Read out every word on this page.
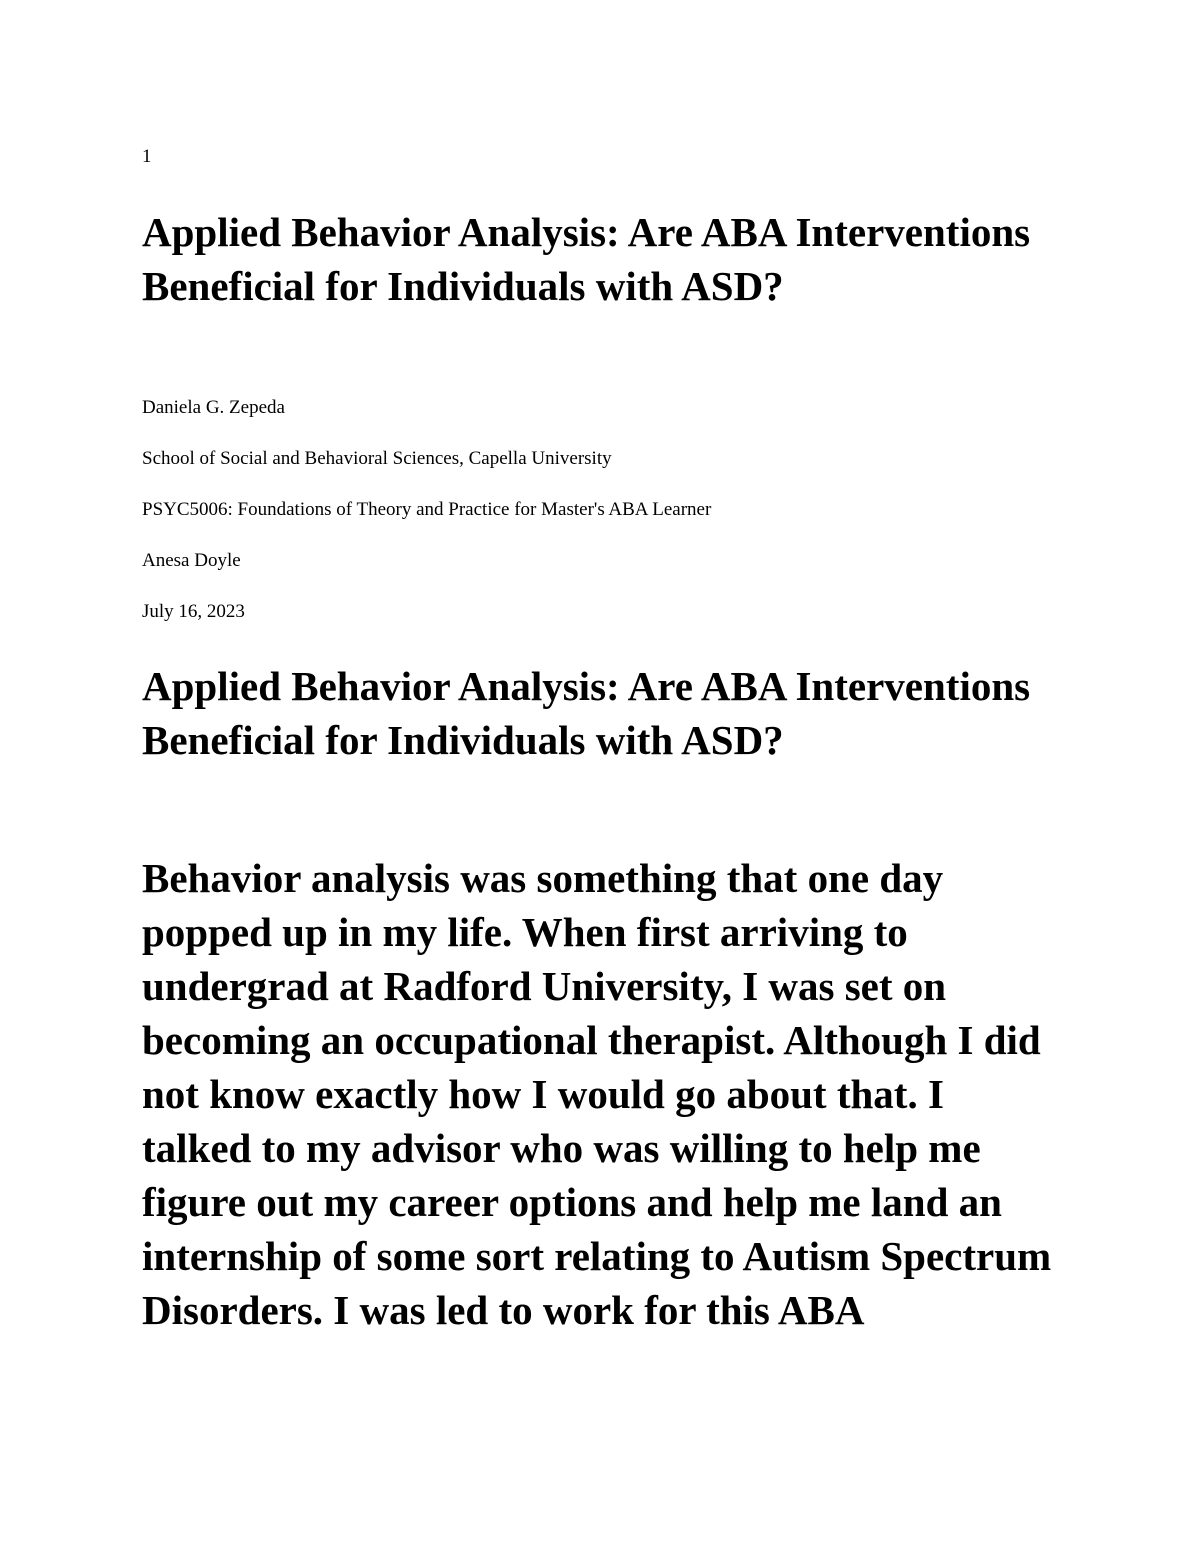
1
Applied Behavior Analysis: Are ABA Interventions Beneficial for Individuals with ASD?

Daniela G. Zepeda

School of Social and Behavioral Sciences, Capella University

PSYC5006: Foundations of Theory and Practice for Master's ABA Learner

Anesa Doyle

July 16, 2023

Applied Behavior Analysis: Are ABA Interventions Beneficial for Individuals with ASD?

Behavior analysis was something that one day popped up in my life. When first arriving to undergrad at Radford University, I was set on becoming an occupational therapist. Although I did not know exactly how I would go about that. I talked to my advisor who was willing to help me figure out my career options and help me land an internship of some sort relating to Autism Spectrum Disorders. I was led to work for this ABA
